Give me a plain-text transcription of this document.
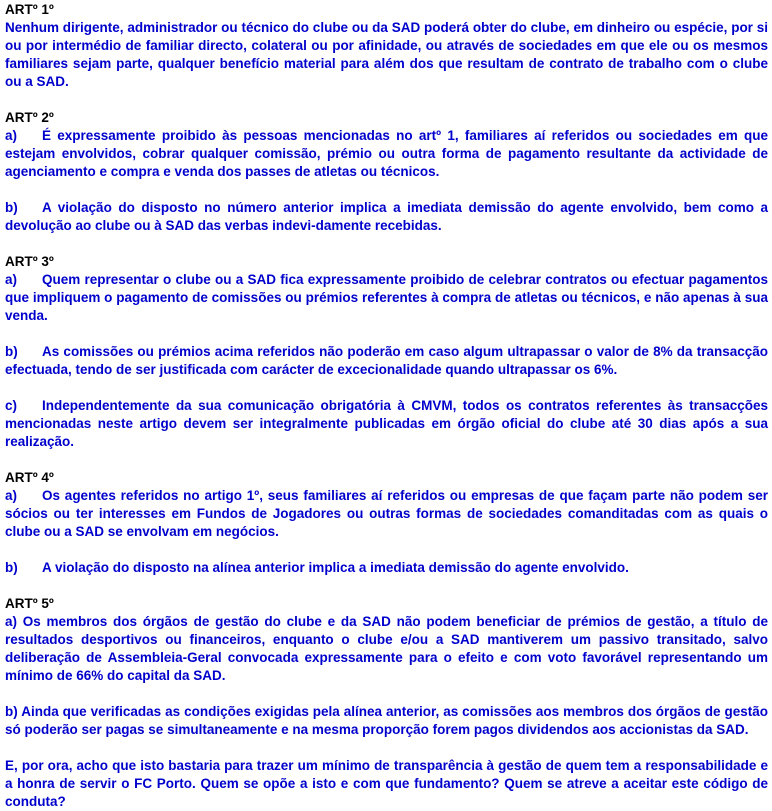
ARTº 1º

Nenhum dirigente, administrador ou técnico do clube ou da SAD poderá obter do clube, em dinheiro ou espécie, por si ou por intermédio de familiar directo, colateral ou por afinidade, ou através de sociedades em que ele ou os mesmos familiares sejam parte, qualquer benefício material para além dos que resultam de contrato de trabalho com o clube ou a SAD.

ARTº 2º

a) É expressamente proibido às pessoas mencionadas no artº 1, familiares aí referidos ou sociedades em que estejam envolvidos, cobrar qualquer comissão, prémio ou outra forma de pagamento resultante da actividade de agenciamento e compra e venda dos passes de atletas ou técnicos.

b) A violação do disposto no número anterior implica a imediata demissão do agente envolvido, bem como a devolução ao clube ou à SAD das verbas indevi-damente recebidas.

ARTº 3º

a) Quem representar o clube ou a SAD fica expressamente proibido de celebrar contratos ou efectuar pagamentos que impliquem o pagamento de comissões ou prémios referentes à compra de atletas ou técnicos, e não apenas à sua venda.

b) As comissões ou prémios acima referidos não poderão em caso algum ultrapassar o valor de 8% da transacção efectuada, tendo de ser justificada com carácter de excecionalidade quando ultrapassar os 6%.

c) Independentemente da sua comunicação obrigatória à CMVM, todos os contratos referentes às transacções mencionadas neste artigo devem ser integralmente publicadas em órgão oficial do clube até 30 dias após a sua realização.

ARTº 4º

a) Os agentes referidos no artigo 1º, seus familiares aí referidos ou empresas de que façam parte não podem ser sócios ou ter interesses em Fundos de Jogadores ou outras formas de sociedades comanditadas com as quais o clube ou a SAD se envolvam em negócios.

b) A violação do disposto na alínea anterior implica a imediata demissão do agente envolvido.

ARTº 5º

a) Os membros dos órgãos de gestão do clube e da SAD não podem beneficiar de prémios de gestão, a título de resultados desportivos ou financeiros, enquanto o clube e/ou a SAD mantiverem um passivo transitado, salvo deliberação de Assembleia-Geral convocada expressamente para o efeito e com voto favorável representando um mínimo de 66% do capital da SAD.

b) Ainda que verificadas as condições exigidas pela alínea anterior, as comissões aos membros dos órgãos de gestão só poderão ser pagas se simultaneamente e na mesma proporção forem pagos dividendos aos accionistas da SAD.

E, por ora, acho que isto bastaria para trazer um mínimo de transparência à gestão de quem tem a responsabilidade e a honra de servir o FC Porto. Quem se opõe a isto e com que fundamento? Quem se atreve a aceitar este código de conduta?
